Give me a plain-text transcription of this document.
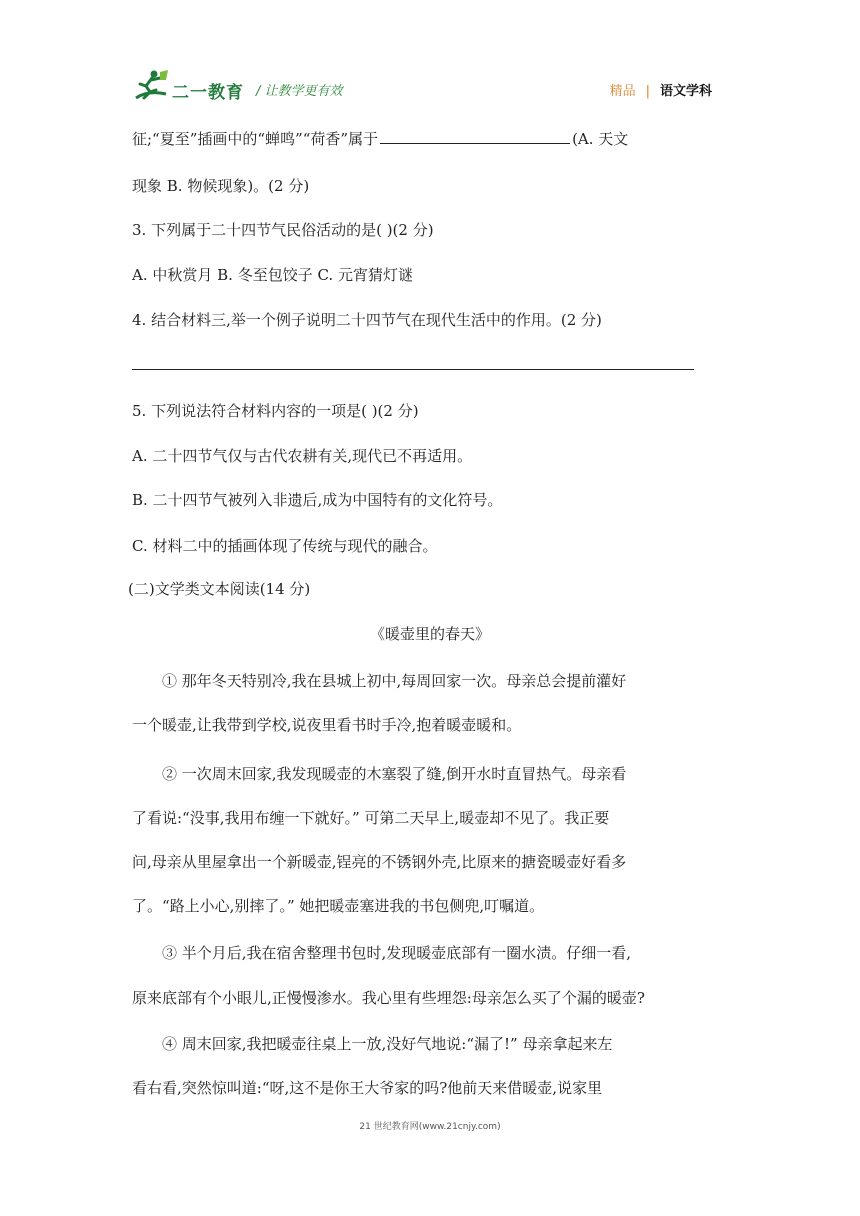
二一教育 / 让教学更有效	精品 | 语文学科
征;“夏至”插画中的“蝉鸣”“荷香”属于	(A. 天文
现象 B. 物候现象)。(2 分)
3. 下列属于二十四节气民俗活动的是( )(2 分)
A. 中秋赏月 B. 冬至包饺子 C. 元宵猜灯谜
4. 结合材料三,举一个例子说明二十四节气在现代生活中的作用。(2 分)
5. 下列说法符合材料内容的一项是( )(2 分)
A. 二十四节气仅与古代农耕有关,现代已不再适用。
B. 二十四节气被列入非遗后,成为中国特有的文化符号。
C. 材料二中的插画体现了传统与现代的融合。
(二)文学类文本阅读(14 分)
《暖壶里的春天》
① 那年冬天特别冷,我在县城上初中,每周回家一次。母亲总会提前灌好
一个暖壶,让我带到学校,说夜里看书时手冷,抱着暖壶暖和。
② 一次周末回家,我发现暖壶的木塞裂了缝,倒开水时直冒热气。母亲看
了看说:“没事,我用布缠一下就好。” 可第二天早上,暖壶却不见了。我正要
问,母亲从里屋拿出一个新暖壶,锃亮的不锈钢外壳,比原来的搪瓷暖壶好看多
了。“路上小心,别摔了。” 她把暖壶塞进我的书包侧兜,叮嘱道。
③ 半个月后,我在宿舍整理书包时,发现暖壶底部有一圈水渍。仔细一看,
原来底部有个小眼儿,正慢慢渗水。我心里有些埋怨:母亲怎么买了个漏的暖壶?
④ 周末回家,我把暖壶往桌上一放,没好气地说:“漏了!” 母亲拿起来左
看右看,突然惊叫道:“呀,这不是你王大爷家的吗?他前天来借暖壶,说家里
21 世纪教育网(www.21cnjy.com)
